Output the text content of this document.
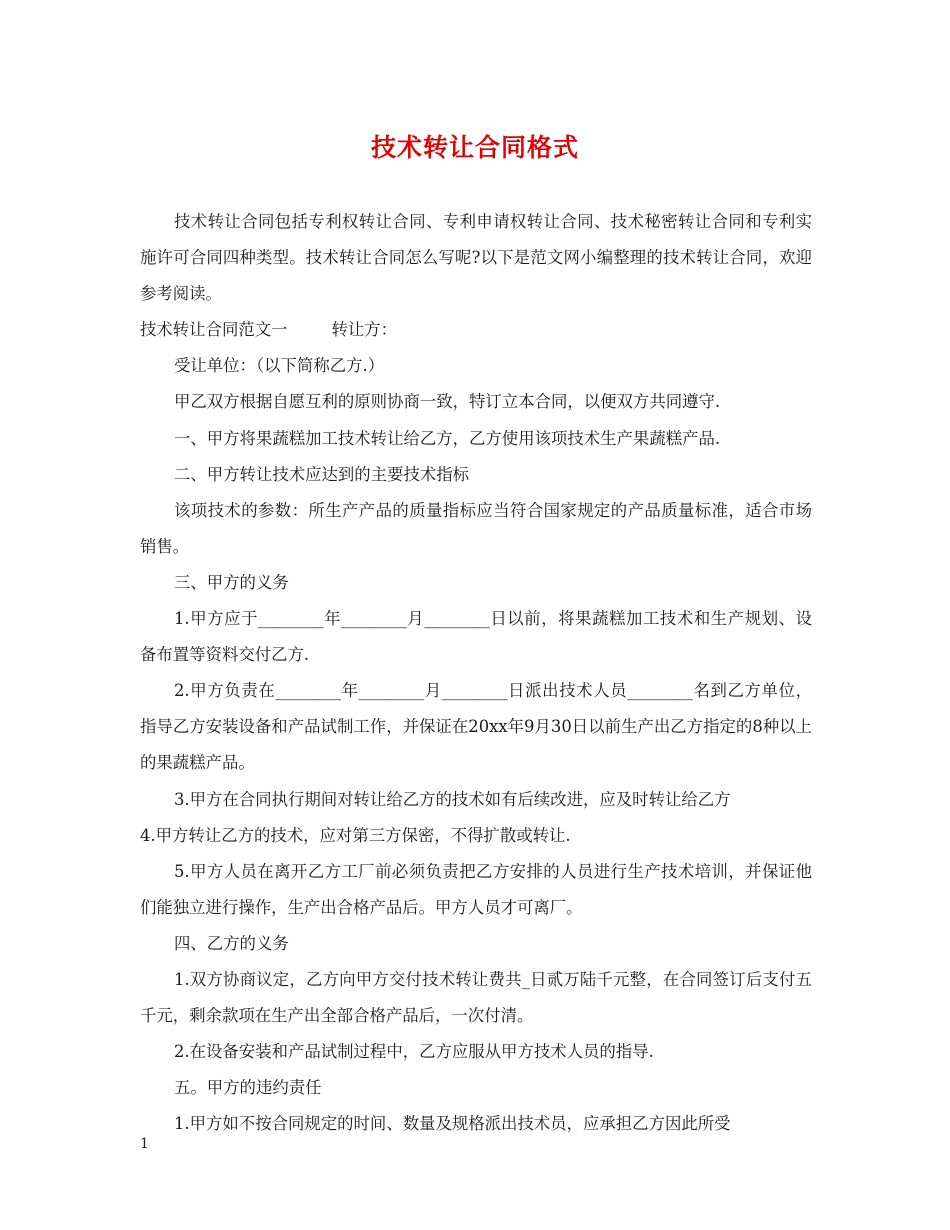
技术转让合同格式

技术转让合同包括专利权转让合同、专利申请权转让合同、技术秘密转让合同和专利实施许可合同四种类型。技术转让合同怎么写呢?以下是范文网小编整理的技术转让合同，欢迎参考阅读。

技术转让合同范文一	转让方：

受让单位：（以下简称乙方.）

甲乙双方根据自愿互利的原则协商一致，特订立本合同，以便双方共同遵守.

一、甲方将果蔬糕加工技术转让给乙方，乙方使用该项技术生产果蔬糕产品.

二、甲方转让技术应达到的主要技术指标

该项技术的参数：所生产产品的质量指标应当符合国家规定的产品质量标准，适合市场销售。

三、甲方的义务

1.甲方应于________年________月________日以前，将果蔬糕加工技术和生产规划、设备布置等资料交付乙方.

2.甲方负责在________年________月________日派出技术人员________名到乙方单位，指导乙方安装设备和产品试制工作，并保证在20xx年9月30日以前生产出乙方指定的8种以上的果蔬糕产品。

3.甲方在合同执行期间对转让给乙方的技术如有后续改进，应及时转让给乙方

4.甲方转让乙方的技术，应对第三方保密，不得扩散或转让.

5.甲方人员在离开乙方工厂前必须负责把乙方安排的人员进行生产技术培训，并保证他们能独立进行操作，生产出合格产品后。甲方人员才可离厂。

四、乙方的义务

1.双方协商议定，乙方向甲方交付技术转让费共_日贰万陆千元整，在合同签订后支付五千元，剩余款项在生产出全部合格产品后，一次付清。

2.在设备安装和产品试制过程中，乙方应服从甲方技术人员的指导.

五。甲方的违约责任

1.甲方如不按合同规定的时间、数量及规格派出技术员，应承担乙方因此所受

1
